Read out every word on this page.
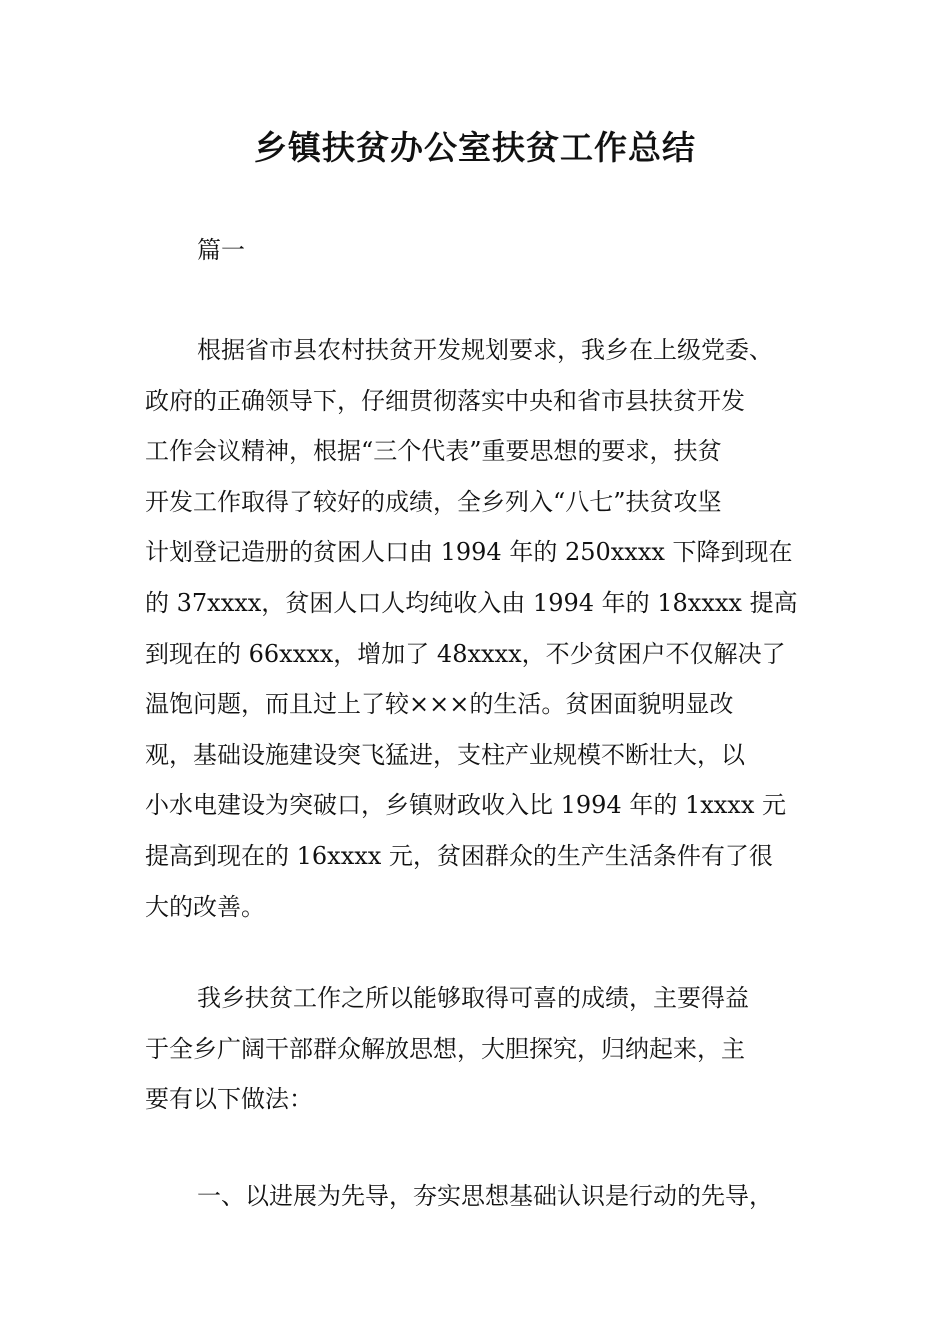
乡镇扶贫办公室扶贫工作总结
篇一
根据省市县农村扶贫开发规划要求，我乡在上级党委、
政府的正确领导下，仔细贯彻落实中央和省市县扶贫开发
工作会议精神，根据“三个代表”重要思想的要求，扶贫
开发工作取得了较好的成绩，全乡列入“八七”扶贫攻坚
计划登记造册的贫困人口由 1994 年的 250xxxx 下降到现在
的 37xxxx，贫困人口人均纯收入由 1994 年的 18xxxx 提高
到现在的 66xxxx，增加了 48xxxx，不少贫困户不仅解决了
温饱问题，而且过上了较×××的生活。贫困面貌明显改
观，基础设施建设突飞猛进，支柱产业规模不断壮大，以
小水电建设为突破口，乡镇财政收入比 1994 年的 1xxxx 元
提高到现在的 16xxxx 元，贫困群众的生产生活条件有了很
大的改善。
我乡扶贫工作之所以能够取得可喜的成绩，主要得益
于全乡广阔干部群众解放思想，大胆探究，归纳起来，主
要有以下做法：
一、以进展为先导，夯实思想基础认识是行动的先导，
